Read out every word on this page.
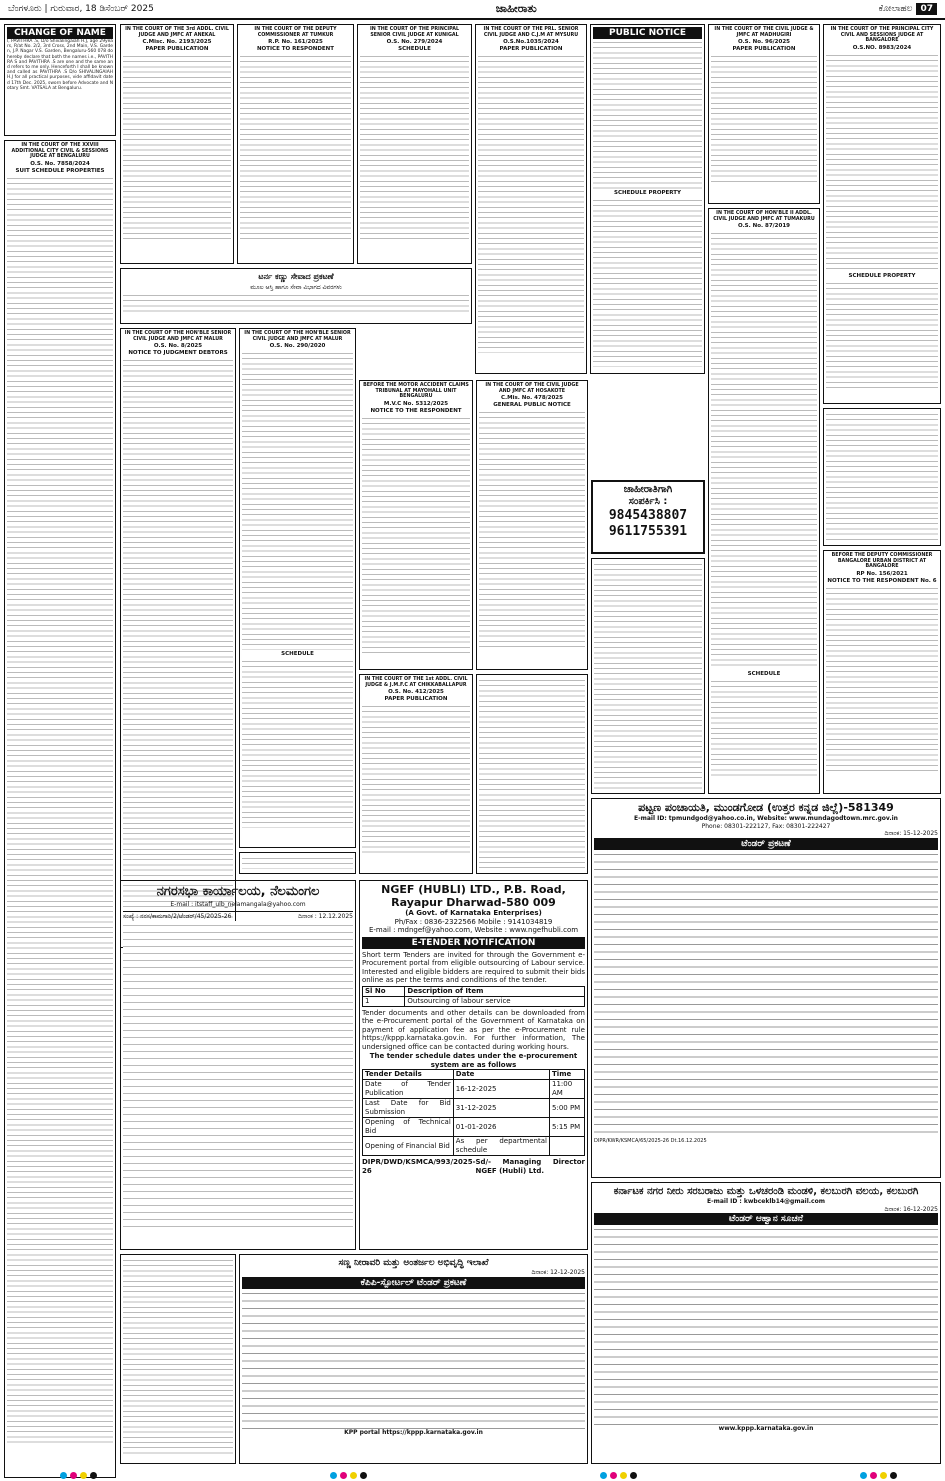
ಬೆಂಗಳೂರು | ಗುರುವಾರ, 18 ಡಿಸೆಂಬರ್ 2025	ಜಾಹೀರಾತು	ಕೋಲಾಹಲ 07
CHANGE OF NAME

I, PAVITHRA .S, D/o Shivalingaiah H.J, age 29years, R/at No. 2/2, 3rd Cross, 2nd Main, V.S. Garden, J.P. Nagar V.S. Garden, Bengaluru-560 078 do hereby declare that both the names i.e., PAVITHRA S and PAVITHRA .S are one and the same and refers to me only. Henceforth I shall be known and called as PAVITHRA .S D/o SHIVALINGAIAH H.J for all practical purposes, vide affidavit dated 17th Dec. 2025, sworn before Advocate and Notary Smt. VATSALA at Bengaluru.

IN THE COURT OF THE XXVIII ADDITIONAL CITY CIVIL & SESSIONS JUDGE AT BENGALURU
O.S. No. 7858/2024
SUIT SCHEDULE PROPERTIES
IN THE COURT OF THE 3rd ADDL. CIVIL JUDGE AND JMFC AT ANEKAL
C.Misc. No. 2193/2025
PAPER PUBLICATION
IN THE COURT OF THE DEPUTY COMMISSIONER AT TUMKUR
R.P. No. 161/2025
NOTICE TO RESPONDENT
IN THE COURT OF THE PRINCIPAL SENIOR CIVIL JUDGE AT KUNIGAL
O.S. No. 279/2024
SCHEDULE
IN THE COURT OF THE PRL. SENIOR CIVIL JUDGE AND C.J.M AT MYSURU
O.S.No.1035/2024
PAPER PUBLICATION
PUBLIC NOTICE
SCHEDULE PROPERTY
IN THE COURT OF THE CIVIL JUDGE & JMFC AT MADHUGIRI
O.S. No. 96/2025
PAPER PUBLICATION
IN THE COURT OF THE PRINCIPAL CITY CIVIL AND SESSIONS JUDGE AT BANGALORE
O.S.NO. 8983/2024
SCHEDULE PROPERTY
ಟರ್ನ ಕಣ್ಣು ಸೇವಾದ ಪ್ರಕಟಣೆ
ಮೂಲ ಆಸ್ತಿ ಹಾಗೂ ಸೇವಾ ವಿಭಾಗದ ವಿವರಗಳು
IN THE COURT OF THE HON'BLE SENIOR CIVIL JUDGE AND JMFC AT MALUR
O.S. No. 8/2025
NOTICE TO JUDGMENT DEBTORS
IN THE COURT OF THE HON'BLE SENIOR CIVIL JUDGE AND JMFC AT MALUR
O.S. No. 290/2020
SCHEDULE
BEFORE THE MOTOR ACCIDENT CLAIMS TRIBUNAL AT MAYOHALL UNIT BENGALURU
M.V.C No. 5312/2025
NOTICE TO THE RESPONDENT
IN THE COURT OF THE CIVIL JUDGE AND JMFC AT HOSAKOTE
C.Mis. No. 478/2025
GENERAL PUBLIC NOTICE
ಜಾಹೀರಾತಿಗಾಗಿ
ಸಂಪರ್ಕಿಸಿ :
9845438807
9611755391
IN THE COURT OF HON'BLE II ADDL. CIVIL JUDGE AND JMFC AT TUMAKURU
O.S. No. 87/2019
SCHEDULE
BEFORE THE DEPUTY COMMISSIONER BANGALORE URBAN DISTRICT AT BANGALORE
RP No. 156/2021
NOTICE TO THE RESPONDENT No. 6
IN THE COURT OF THE 1st ADDL. CIVIL JUDGE & J.M.F.C AT CHIKKABALLAPUR
O.S. No. 412/2025
PAPER PUBLICATION
ನಗರಸಭಾ ಕಾರ್ಯಾಲಯ, ನೆಲಮಂಗಲ
E-mail : itstaff_ulb_nelamangala@yahoo.com
ಸಂಖ್ಯೆ : ನನಸ/ಕಾಮಗಾರಿ/2/ಟೆಂಡರ್/45/2025-26	ದಿನಾಂಕ : 12.12.2025
NGEF (HUBLI) LTD., P.B. Road, Rayapur Dharwad-580 009
(A Govt. of Karnataka Enterprises)
Ph/Fax : 0836-2322566 Mobile : 9141034819
E-mail : mdngef@yahoo.com, Website : www.ngefhubli.com
E-TENDER NOTIFICATION

Short term Tenders are invited for through the Government e-Procurement portal from eligible outsourcing of Labour service. Interested and eligible bidders are required to submit their bids online as per the terms and conditions of the tender.

Sl No	Description of Item
1	Outsourcing of labour service

Tender documents and other details can be downloaded from the e-Procurement portal of the Government of Karnataka on payment of application fee as per the e-Procurement rule https://kppp.karnataka.gov.in. For further information, The undersigned office can be contacted during working hours.

The tender schedule dates under the e-procurement system are as follows
Tender Details	Date	Time
Date of Tender Publication	16-12-2025	11:00 AM
Last Date for Bid Submission	31-12-2025	5:00 PM
Opening of Technical Bid	01-01-2026	5:15 PM
Opening of Financial Bid	As per departmental schedule	
DIPR/DWD/KSMCA/993/2025-26
Sd/- Managing Director NGEF (Hubli) Ltd.
ಪಟ್ಟಣ ಪಂಚಾಯತಿ, ಮುಂಡಗೋಡ (ಉತ್ತರ ಕನ್ನಡ ಜಿಲ್ಲೆ)-581349
E-mail ID: tpmundgod@yahoo.co.in, Website: www.mundagodtown.mrc.gov.in
Phone: 08301-222127, Fax: 08301-222427
ದಿನಾಂಕ: 15-12-2025
ಟೆಂಡರ್ ಪ್ರಕಟಣೆ
DIPR/KWR/KSMCA/65/2025-26 Dt.16.12.2025
ಸಣ್ಣ ನೀರಾವರಿ ಮತ್ತು ಅಂತರ್ಜಲ ಅಭಿವೃದ್ಧಿ ಇಲಾಖೆ
ದಿನಾಂಕ: 12-12-2025
ಕೆಪಿಪಿ-ಸ್ಪೋರ್ಟಲ್ ಟೆಂಡರ್ ಪ್ರಕಟಣೆ
KPP portal https://kppp.karnataka.gov.in
ಕರ್ನಾಟಕ ನಗರ ನೀರು ಸರಬರಾಜು ಮತ್ತು ಒಳಚರಂಡಿ ಮಂಡಳಿ, ಕಲಬುರಗಿ ವಲಯ, ಕಲಬುರಗಿ
E-mail ID : kwbceklb14@gmail.com
ದಿನಾಂಕ: 16-12-2025
ಟೆಂಡರ್ ಆಹ್ವಾನ ಸೂಚನೆ
www.kppp.karnataka.gov.in
